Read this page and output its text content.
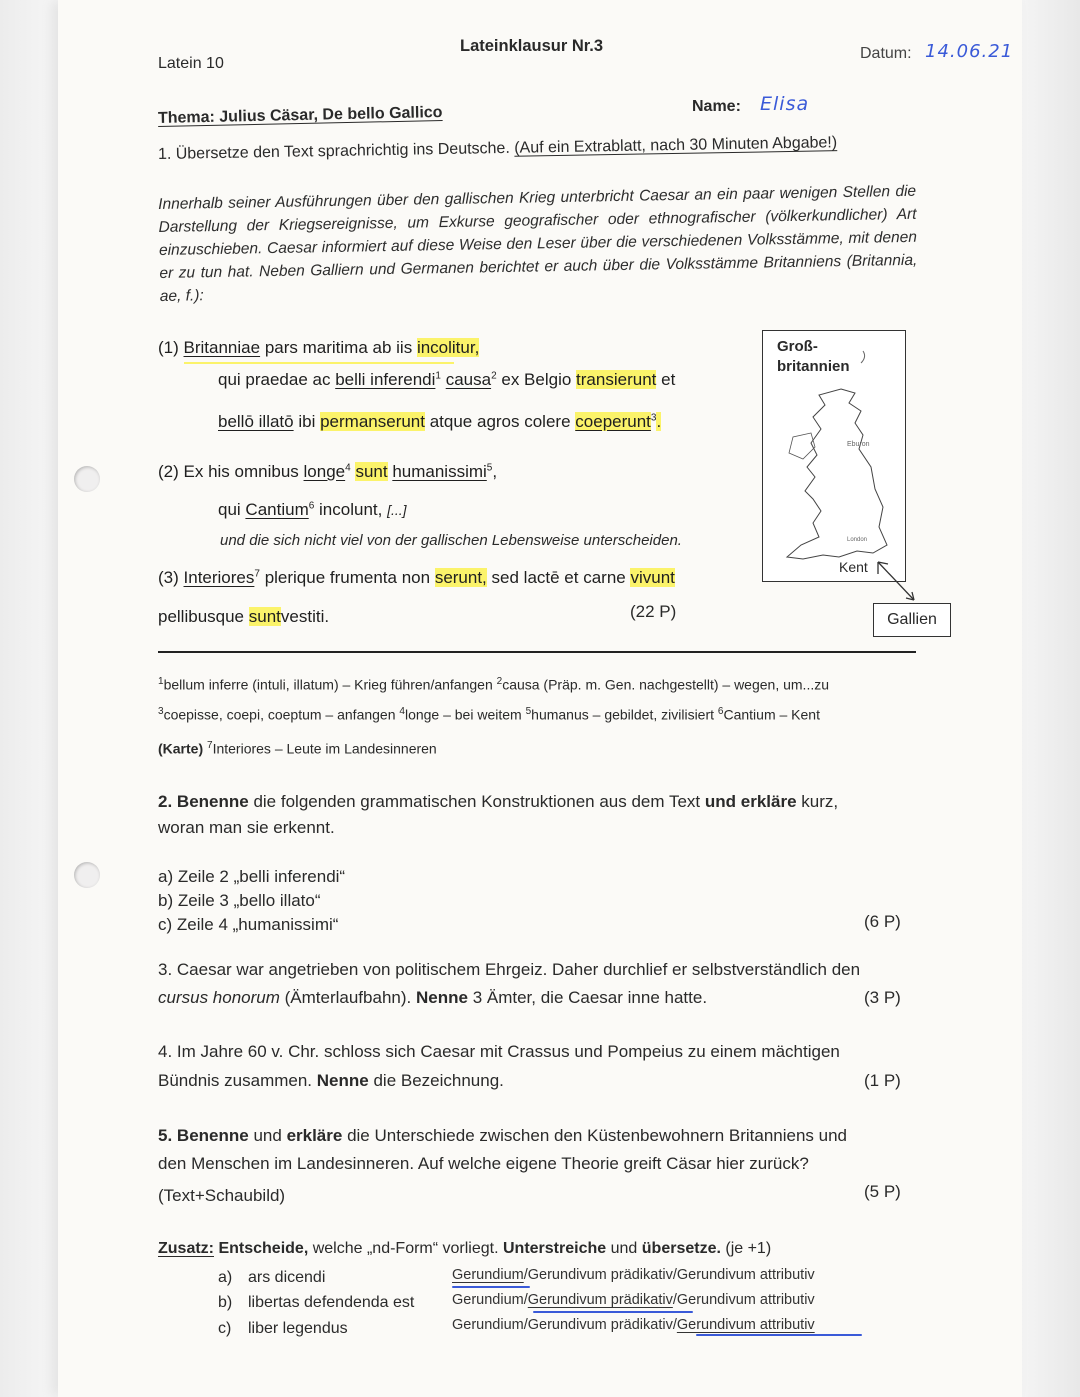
Latein 10
Lateinklausur Nr.3	Datum: 14.06.21
Name: Elisa
Thema: Julius Cäsar, De bello Gallico
1. Übersetze den Text sprachrichtig ins Deutsche. (Auf ein Extrablatt, nach 30 Minuten Abgabe!)
Innerhalb seiner Ausführungen über den gallischen Krieg unterbricht Caesar an ein paar wenigen Stellen die Darstellung der Kriegsereignisse, um Exkurse geografischer oder ethnografischer (völkerkundlicher) Art einzuschieben. Caesar informiert auf diese Weise den Leser über die verschiedenen Volksstämme, mit denen er zu tun hat. Neben Galliern und Germanen berichtet er auch über die Volksstämme Britanniens (Britannia, ae, f.):
(1) Britanniae pars maritima ab iis incolitur,
qui praedae ac belli inferendi$^1$ causa$^2$ ex Belgio transierunt et
bellō illatō ibi permanserunt atque agros colere coeperunt$^3$.
(2) Ex his omnibus longe$^4$ sunt humanissimi$^5$,
qui Cantium$^6$ incolunt, [...]
und die sich nicht viel von der gallischen Lebensweise unterscheiden.
(3) Interiores$^7$ plerique frumenta non serunt, sed lactē et carne vivunt
pellibusque suntvestiti.	(22 P)
Groß-
britannien
Eburon
London
Kent
Gallien
$^1$bellum inferre (intuli, illatum) – Krieg führen/anfangen $^2$causa (Präp. m. Gen. nachgestellt) – wegen, um...zu
$^3$coepisse, coepi, coeptum – anfangen $^4$longe – bei weitem $^5$humanus – gebildet, zivilisiert $^6$Cantium – Kent
(Karte) $^7$Interiores – Leute im Landesinneren
2. Benenne die folgenden grammatischen Konstruktionen aus dem Text und erkläre kurz,
woran man sie erkennt.
a) Zeile 2 „belli inferendi“
b) Zeile 3 „bello illato“
c) Zeile 4 „humanissimi“	(6 P)
3. Caesar war angetrieben von politischem Ehrgeiz. Daher durchlief er selbstverständlich den
cursus honorum (Ämterlaufbahn). Nenne 3 Ämter, die Caesar inne hatte.	(3 P)
4. Im Jahre 60 v. Chr. schloss sich Caesar mit Crassus und Pompeius zu einem mächtigen
Bündnis zusammen. Nenne die Bezeichnung.	(1 P)
5. Benenne und erkläre die Unterschiede zwischen den Küstenbewohnern Britanniens und
den Menschen im Landesinneren. Auf welche eigene Theorie greift Cäsar hier zurück?
(Text+Schaubild)	(5 P)
Zusatz: Entscheide, welche „nd-Form“ vorliegt. Unterstreiche und übersetze. (je +1)
a) ars dicendi	Gerundium/Gerundivum prädikativ/Gerundivum attributiv
b) libertas defendenda est	Gerundium/Gerundivum prädikativ/Gerundivum attributiv
c) liber legendus	Gerundium/Gerundivum prädikativ/Gerundivum attributiv
